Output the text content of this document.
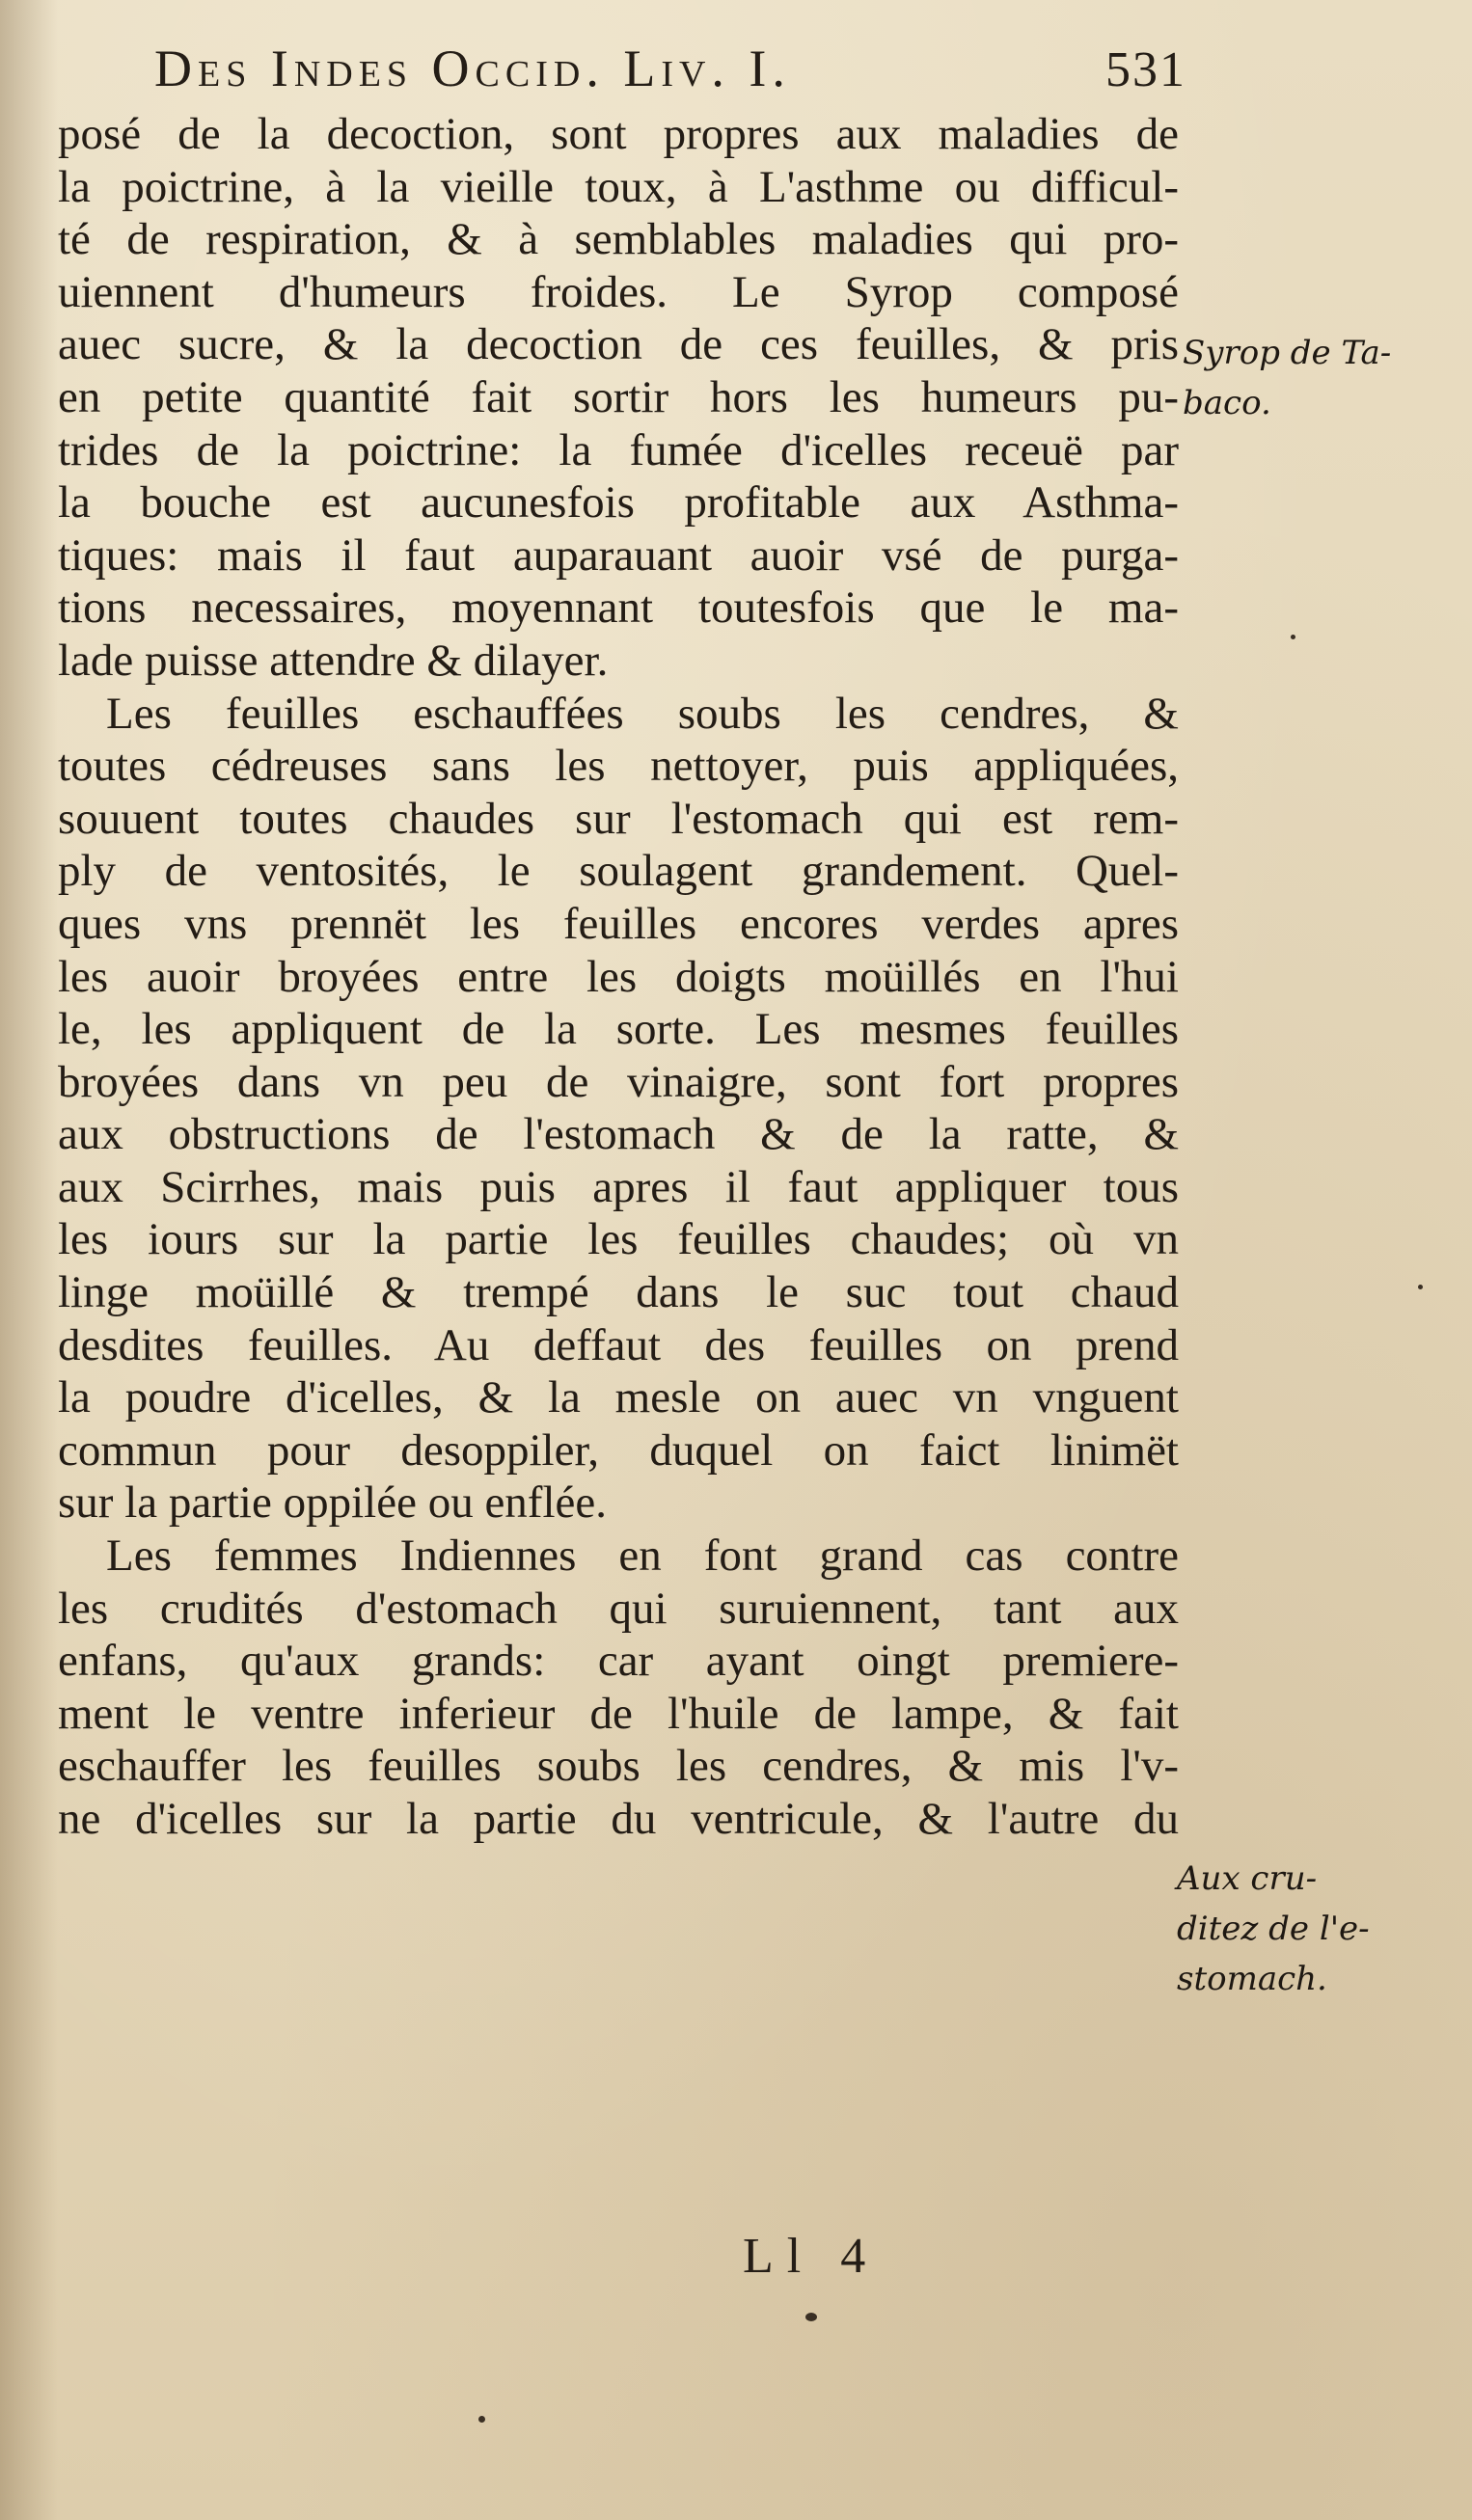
Des Indes Occid. Liv. I.	531
posé de la decoction, sont propres aux maladies de
la poictrine, à la vieille toux, à L'asthme ou difficul-
té de respiration, & à semblables maladies qui pro-
uiennent d'humeurs froides. Le Syrop composé
auec sucre, & la decoction de ces feuilles, & pris
en petite quantité fait sortir hors les humeurs pu-
trides de la poictrine: la fumée d'icelles receuë par
la bouche est aucunesfois profitable aux Asthma-
tiques: mais il faut auparauant auoir vsé de purga-
tions necessaires, moyennant toutesfois que le ma-
lade puisse attendre & dilayer.
Les feuilles eschauffées soubs les cendres, &
toutes cédreuses sans les nettoyer, puis appliquées,
souuent toutes chaudes sur l'estomach qui est rem-
ply de ventosités, le soulagent grandement. Quel-
ques vns prennët les feuilles encores verdes apres
les auoir broyées entre les doigts moüillés en l'hui
le, les appliquent de la sorte. Les mesmes feuilles
broyées dans vn peu de vinaigre, sont fort propres
aux obstructions de l'estomach & de la ratte, &
aux Scirrhes, mais puis apres il faut appliquer tous
les iours sur la partie les feuilles chaudes; où vn
linge moüillé & trempé dans le suc tout chaud
desdites feuilles. Au deffaut des feuilles on prend
la poudre d'icelles, & la mesle on auec vn vnguent
commun pour desoppiler, duquel on faict linimët
sur la partie oppilée ou enflée.
Les femmes Indiennes en font grand cas contre
les crudités d'estomach qui suruiennent, tant aux
enfans, qu'aux grands: car ayant oingt premiere-
ment le ventre inferieur de l'huile de lampe, & fait
eschauffer les feuilles soubs les cendres, & mis l'v-
ne d'icelles sur la partie du ventricule, & l'autre du
Syrop de Ta-
baco.
Aux cru-
ditez de l'e-
stomach.
Ll 4
